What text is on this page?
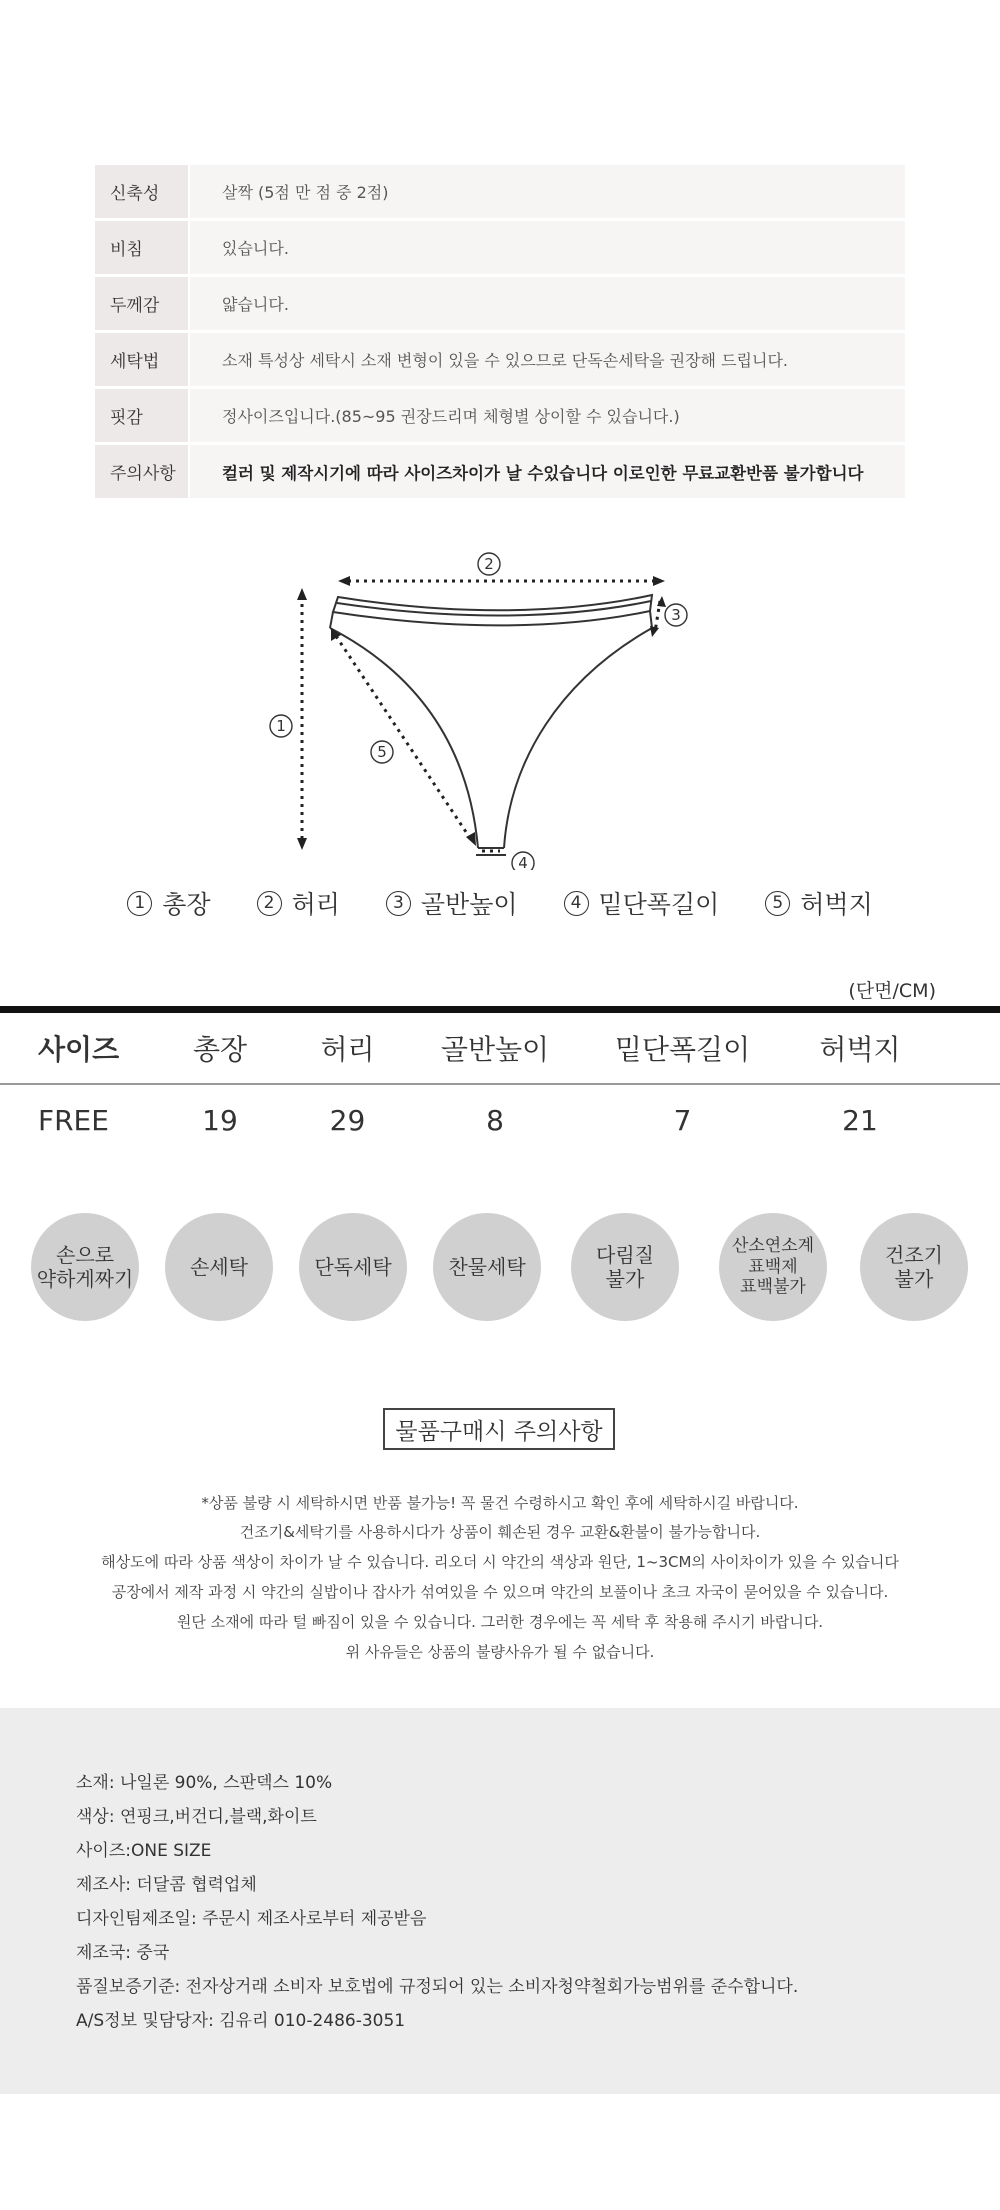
신축성	살짝 (5점 만 점 중 2점)
비침	있습니다.
두께감	얇습니다.
세탁법	소재 특성상 세탁시 소재 변형이 있을 수 있으므로 단독손세탁을 권장해 드립니다.
핏감	정사이즈입니다.(85~95 권장드리며 체형별 상이할 수 있습니다.)
주의사항	컬러 및 제작시기에 따라 사이즈차이가 날 수있습니다 이로인한 무료교환반품 불가합니다
2
3
1
5
4
1 총장	2 허리	3 골반높이	4 밑단폭길이	5 허벅지
(단면/CM)
사이즈	총장	허리	골반높이	밑단폭길이	허벅지
FREE	19	29	8	7	21
손으로
약하게짜기	손세탁	단독세탁	찬물세탁	다림질
불가
산소연소계
표백제
표백불가
건조기
불가
물품구매시 주의사항
*상품 불량 시 세탁하시면 반품 불가능! 꼭 물건 수령하시고 확인 후에 세탁하시길 바랍니다.
건조기&세탁기를 사용하시다가 상품이 훼손된 경우 교환&환불이 불가능합니다.
해상도에 따라 상품 색상이 차이가 날 수 있습니다. 리오더 시 약간의 색상과 원단, 1~3CM의 사이차이가 있을 수 있습니다
공장에서 제작 과정 시 약간의 실밥이나 잡사가 섞여있을 수 있으며 약간의 보풀이나 초크 자국이 묻어있을 수 있습니다.
원단 소재에 따라 털 빠짐이 있을 수 있습니다. 그러한 경우에는 꼭 세탁 후 착용해 주시기 바랍니다.
위 사유들은 상품의 불량사유가 될 수 없습니다.
소재: 나일론 90%, 스판덱스 10%
색상: 연핑크,버건디,블랙,화이트
사이즈:ONE SIZE
제조사: 더달콤 협력업체
디자인팀제조일: 주문시 제조사로부터 제공받음
제조국: 중국
품질보증기준: 전자상거래 소비자 보호법에 규정되어 있는 소비자청약철회가능범위를 준수합니다.
A/S정보 및담당자: 김유리 010-2486-3051
